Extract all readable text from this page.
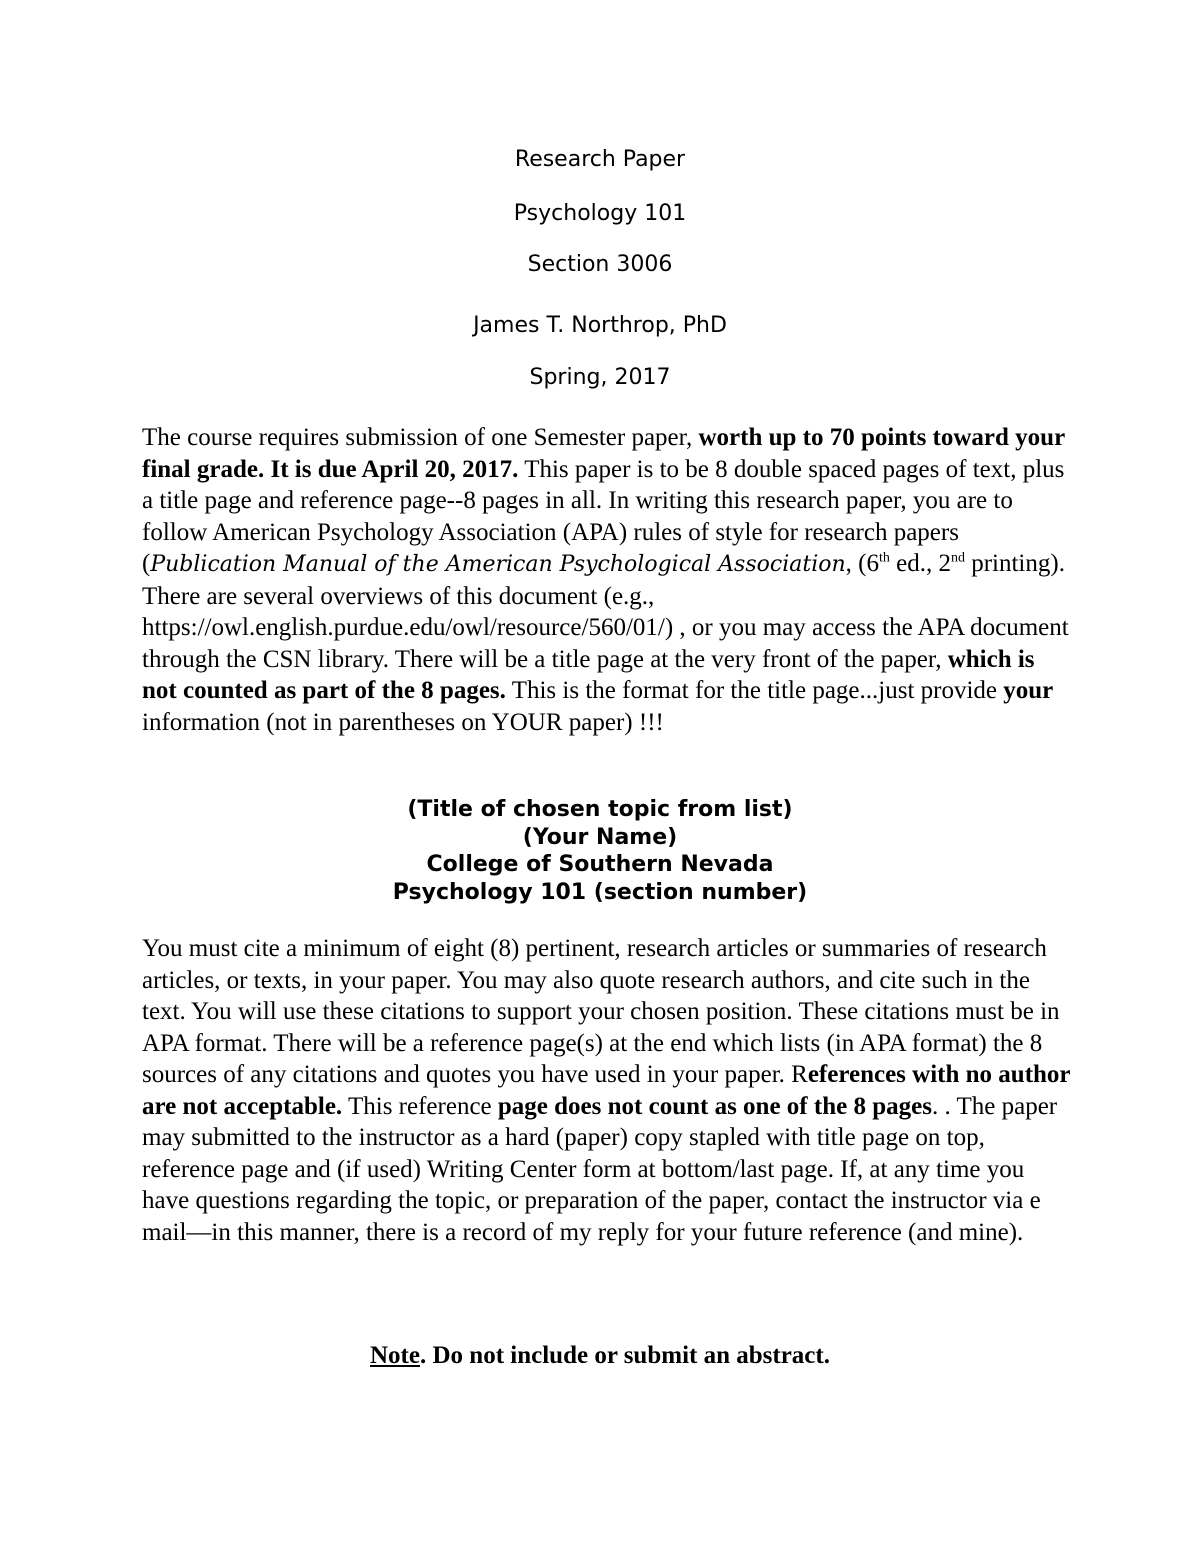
Research Paper
Psychology 101
Section 3006
James T. Northrop, PhD
Spring, 2017
The course requires submission of one Semester paper, worth up to 70 points toward your final grade. It is due April 20, 2017. This paper is to be 8 double spaced pages of text, plus a title page and reference page--8 pages in all. In writing this research paper, you are to follow American Psychology Association (APA) rules of style for research papers (Publication Manual of the American Psychological Association, (6th ed., 2nd printing). There are several overviews of this document (e.g., https://owl.english.purdue.edu/owl/resource/560/01/) , or you may access the APA document through the CSN library. There will be a title page at the very front of the paper, which is not counted as part of the 8 pages. This is the format for the title page...just provide your information (not in parentheses on YOUR paper) !!!
(Title of chosen topic from list)
(Your Name)
College of Southern Nevada
Psychology 101 (section number)
You must cite a minimum of eight (8) pertinent, research articles or summaries of research articles, or texts, in your paper. You may also quote research authors, and cite such in the text. You will use these citations to support your chosen position. These citations must be in APA format. There will be a reference page(s) at the end which lists (in APA format) the 8 sources of any citations and quotes you have used in your paper. References with no author are not acceptable. This reference page does not count as one of the 8 pages. . The paper may submitted to the instructor as a hard (paper) copy stapled with title page on top, reference page and (if used) Writing Center form at bottom/last page. If, at any time you have questions regarding the topic, or preparation of the paper, contact the instructor via e mail—in this manner, there is a record of my reply for your future reference (and mine).
Note. Do not include or submit an abstract.
